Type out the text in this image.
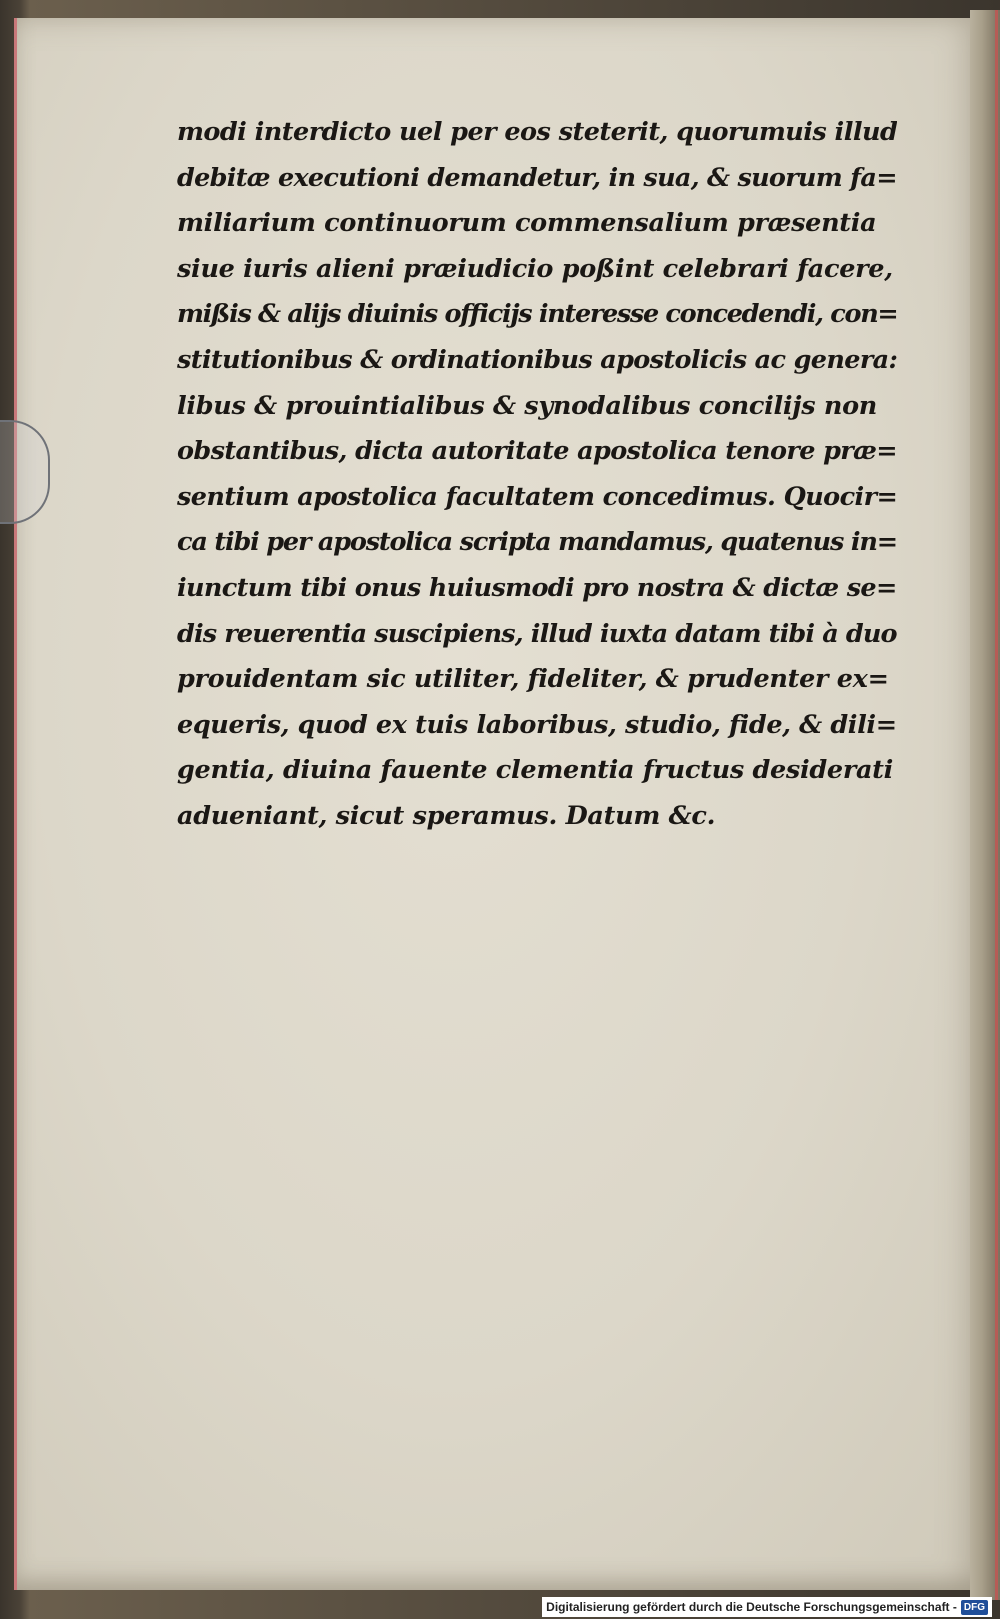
modi interdicto uel per eos steterit, quorumuis illud
debitæ executioni demandetur, in sua, & suorum fa=
miliarium continuorum commensalium præsentia
siue iuris alieni præiudicio poßint celebrari facere,
mißis & alijs diuinis officijs interesse concedendi, con=
stitutionibus & ordinationibus apostolicis ac genera:
libus & prouintialibus & synodalibus concilijs non
obstantibus, dicta autoritate apostolica tenore præ=
sentium apostolica facultatem concedimus. Quocir=
ca tibi per apostolica scripta mandamus, quatenus in=
iunctum tibi onus huiusmodi pro nostra & dictæ se=
dis reuerentia suscipiens, illud iuxta datam tibi à duo
prouidentam sic utiliter, fideliter, & prudenter ex=
equeris, quod ex tuis laboribus, studio, fide, & dili=
gentia, diuina fauente clementia fructus desiderati
adueniant, sicut speramus. Datum &c.
Digitalisierung gefördert durch die Deutsche Forschungsgemeinschaft - DFG
